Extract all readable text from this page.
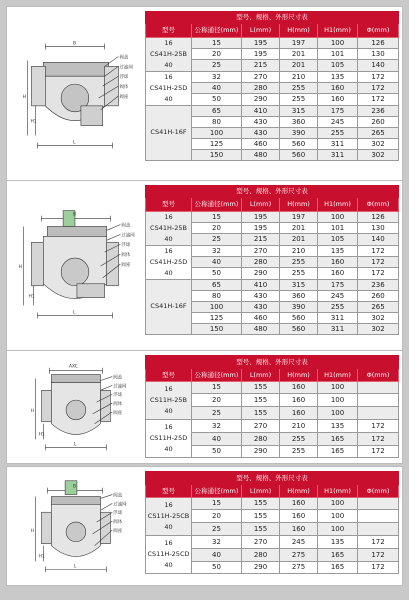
B
H
H1
L
阀盖
过滤网
浮球
阀体
阀座
型号、规格、外形尺寸表					
型号	公称通径(mm)	L(mm)	H(mm)	H1(mm)	Φ(mm)
16
CS41H-25B
40	15	195	197	100	126
	20	195	201	101	130
	25	215	201	105	140
16
CS41H-25D
40	32	270	210	135	172
	40	280	255	160	172
	50	290	255	160	172
CS41H-16F	65	410	315	175	236
	80	430	360	245	260
	100	430	390	255	265
	125	460	560	311	302
	150	480	560	311	302
B
H
H1
L
阀盖
过滤网
浮球
阀体
阀座
型号、规格、外形尺寸表					
型号	公称通径(mm)	L(mm)	H(mm)	H1(mm)	Φ(mm)
16
CS41H-25B
40	15	195	197	100	126
	20	195	201	101	130
	25	215	201	105	140
16
CS41H-25D
40	32	270	210	135	172
	40	280	255	160	172
	50	290	255	160	172
CS41H-16F	65	410	315	175	236
	80	430	360	245	260
	100	430	390	255	265
	125	460	560	311	302
	150	480	560	311	302
AXC
H
H1
L
阀盖
过滤网
浮球
阀体
阀座
型号、规格、外形尺寸表					
型号	公称通径(mm)	L(mm)	H(mm)	H1(mm)	Φ(mm)
16
CS11H-25B
40	15	155	160	100	
	20	155	160	100	
	25	155	160	100	
16
CS11H-25D
40	32	270	210	135	172
	40	280	255	165	172
	50	290	255	165	172
B
H
H1
L
阀盖
过滤网
浮球
阀体
阀座
型号、规格、外形尺寸表					
型号	公称通径(mm)	L(mm)	H(mm)	H1(mm)	Φ(mm)
16
CS11H-25CB
40	15	155	160	100	
	20	155	160	100	
	25	155	160	100	
16
CS11H-25CD
40	32	270	245	135	172
	40	280	275	165	172
	50	290	275	165	172
